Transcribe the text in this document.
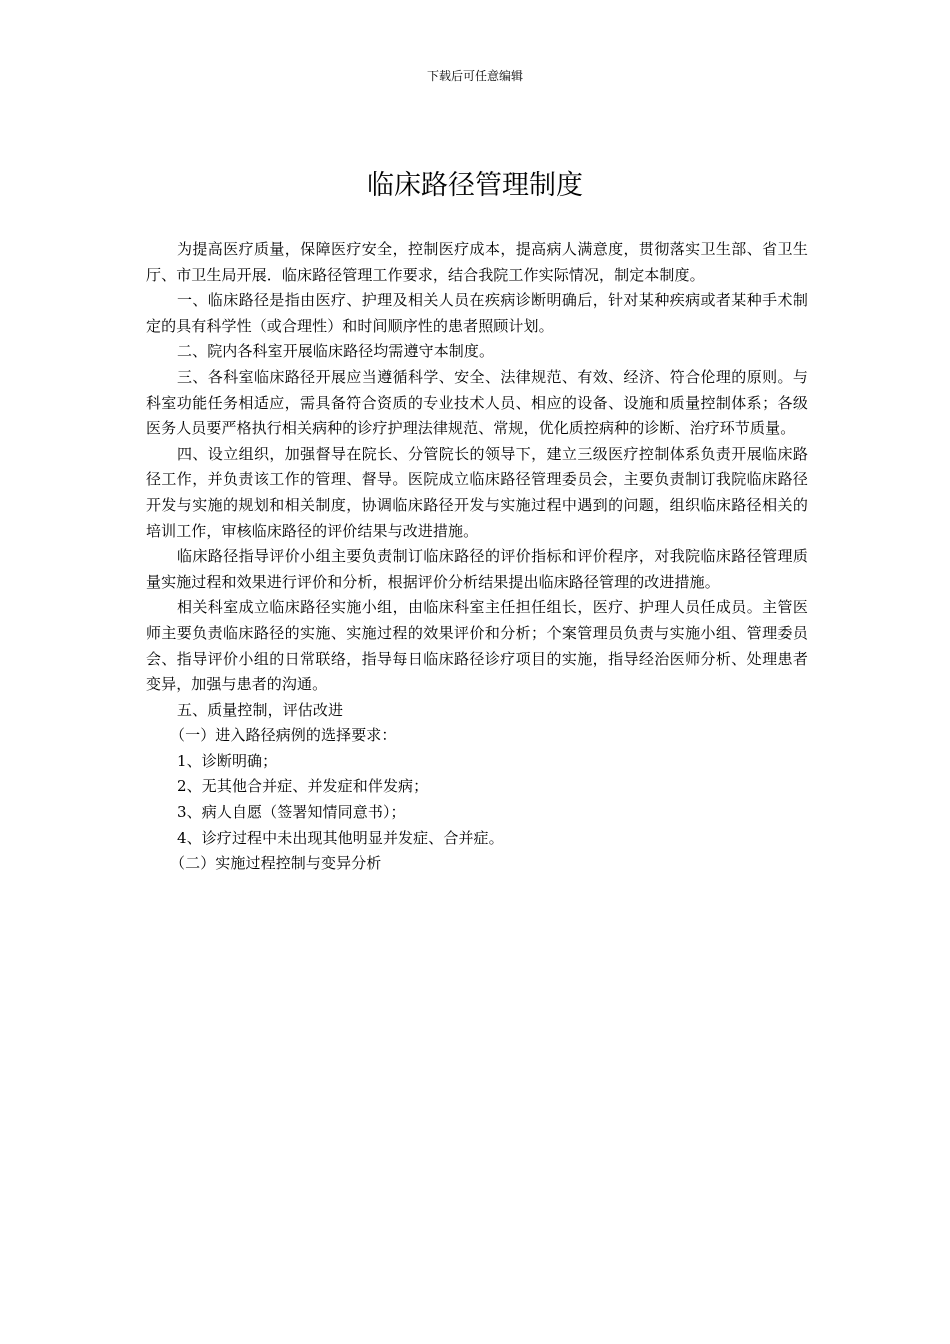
下载后可任意编辑
临床路径管理制度

为提高医疗质量，保障医疗安全，控制医疗成本，提高病人满意度，贯彻落实卫生部、省卫生厅、市卫生局开展．临床路径管理工作要求，结合我院工作实际情况，制定本制度。

一、临床路径是指由医疗、护理及相关人员在疾病诊断明确后，针对某种疾病或者某种手术制定的具有科学性（或合理性）和时间顺序性的患者照顾计划。

二、院内各科室开展临床路径均需遵守本制度。

三、各科室临床路径开展应当遵循科学、安全、法律规范、有效、经济、符合伦理的原则。与科室功能任务相适应，需具备符合资质的专业技术人员、相应的设备、设施和质量控制体系；各级医务人员要严格执行相关病种的诊疗护理法律规范、常规，优化质控病种的诊断、治疗环节质量。

四、设立组织，加强督导在院长、分管院长的领导下，建立三级医疗控制体系负责开展临床路径工作，并负责该工作的管理、督导。医院成立临床路径管理委员会，主要负责制订我院临床路径开发与实施的规划和相关制度，协调临床路径开发与实施过程中遇到的问题，组织临床路径相关的培训工作，审核临床路径的评价结果与改进措施。

临床路径指导评价小组主要负责制订临床路径的评价指标和评价程序，对我院临床路径管理质量实施过程和效果进行评价和分析，根据评价分析结果提出临床路径管理的改进措施。

相关科室成立临床路径实施小组，由临床科室主任担任组长，医疗、护理人员任成员。主管医师主要负责临床路径的实施、实施过程的效果评价和分析；个案管理员负责与实施小组、管理委员会、指导评价小组的日常联络，指导每日临床路径诊疗项目的实施，指导经治医师分析、处理患者变异，加强与患者的沟通。

五、质量控制，评估改进

（一）进入路径病例的选择要求：

1、诊断明确；

2、无其他合并症、并发症和伴发病；

3、病人自愿（签署知情同意书）；

4、诊疗过程中未出现其他明显并发症、合并症。

（二）实施过程控制与变异分析
